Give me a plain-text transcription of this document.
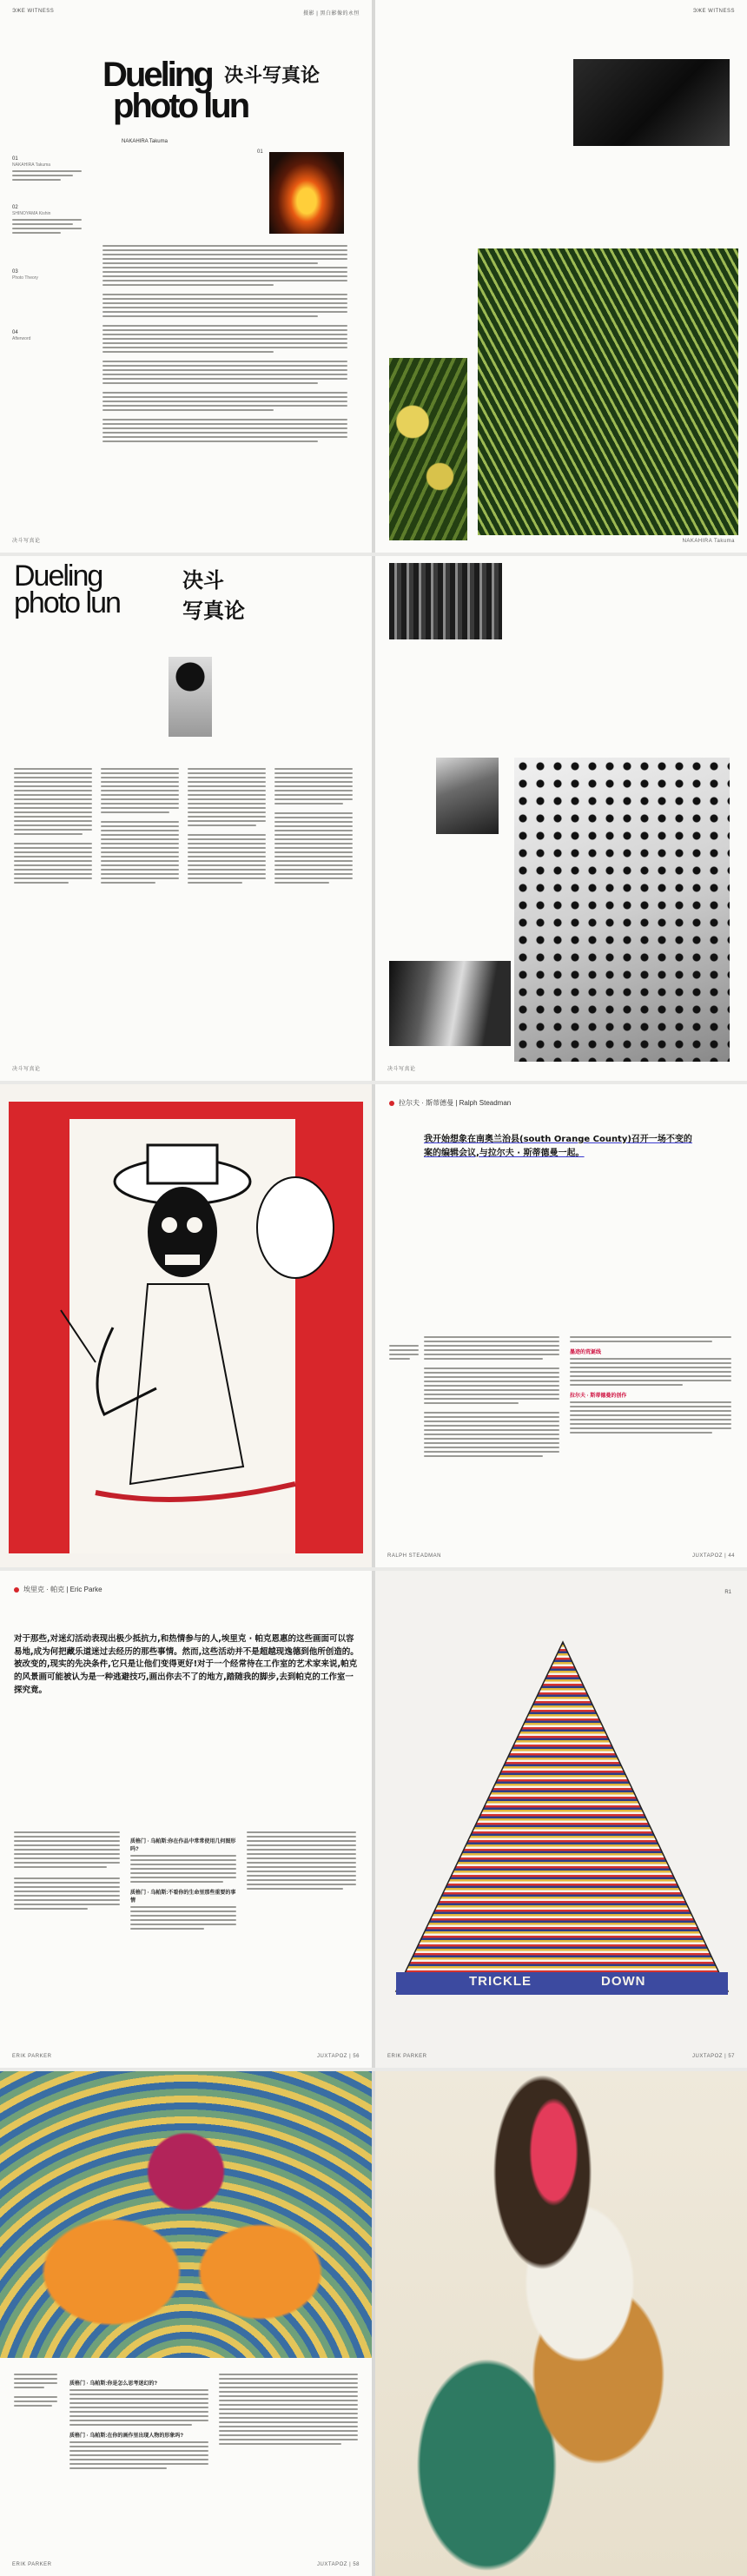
ЭЖЕ WITNESS	摄影 | 黑白影像的永恒
Dueling
photo lun
决斗写真论
NAKAHIRA Takuma
01
NAKAHIRA Takuma
02
SHINOYAMA Kishin
03
Photo Theory
04
Afterword
01
决斗写真论
ЭЖЕ WITNESS
NAKAHIRA Takuma
Dueling
photo lun
决斗
写真论
决斗写真论	决斗写真论
拉尔夫 · 斯蒂德曼 | Ralph Steadman
我开始想象在南奥兰治县(south Orange County)召开一场不变的案的编辑会议,与拉尔夫 · 斯蒂德曼一起。
墨迹的荒诞线
拉尔夫 · 斯蒂德曼的创作
RALPH STEADMAN	JUXTAPOZ | 44
埃里克 · 帕克 | Eric Parke
对于那些,对迷幻活动表现出极少抵抗力,和热情参与的人,埃里克 · 帕克恩惠的这些画面可以容易地,成为何把藏乐道迷过去经历的那些事情。然而,这些活动并不是超越现逸德到他所创造的。被改变的,现实的先决条件,它只是让他们变得更好!对于一个经常待在工作室的艺术家来说,帕克的风景画可能被认为是一种逃避技巧,画出你去不了的地方,踏随我的脚步,去到帕克的工作室一探究竟。
质格门 · 乌帕斯:你在作品中常常使用几何图形吗?
质格门 · 乌帕斯:不看你的生命里那些重要的事情
ERIK PARKER	JUXTAPOZ | 56
R1
TRICKLE	DOWN
ERIK PARKER	JUXTAPOZ | 57
质格门 · 乌帕斯:你是怎么思考迷幻的?
质格门 · 乌帕斯:在你的画作里出现人物的形象吗?
ERIK PARKER	JUXTAPOZ | 58
